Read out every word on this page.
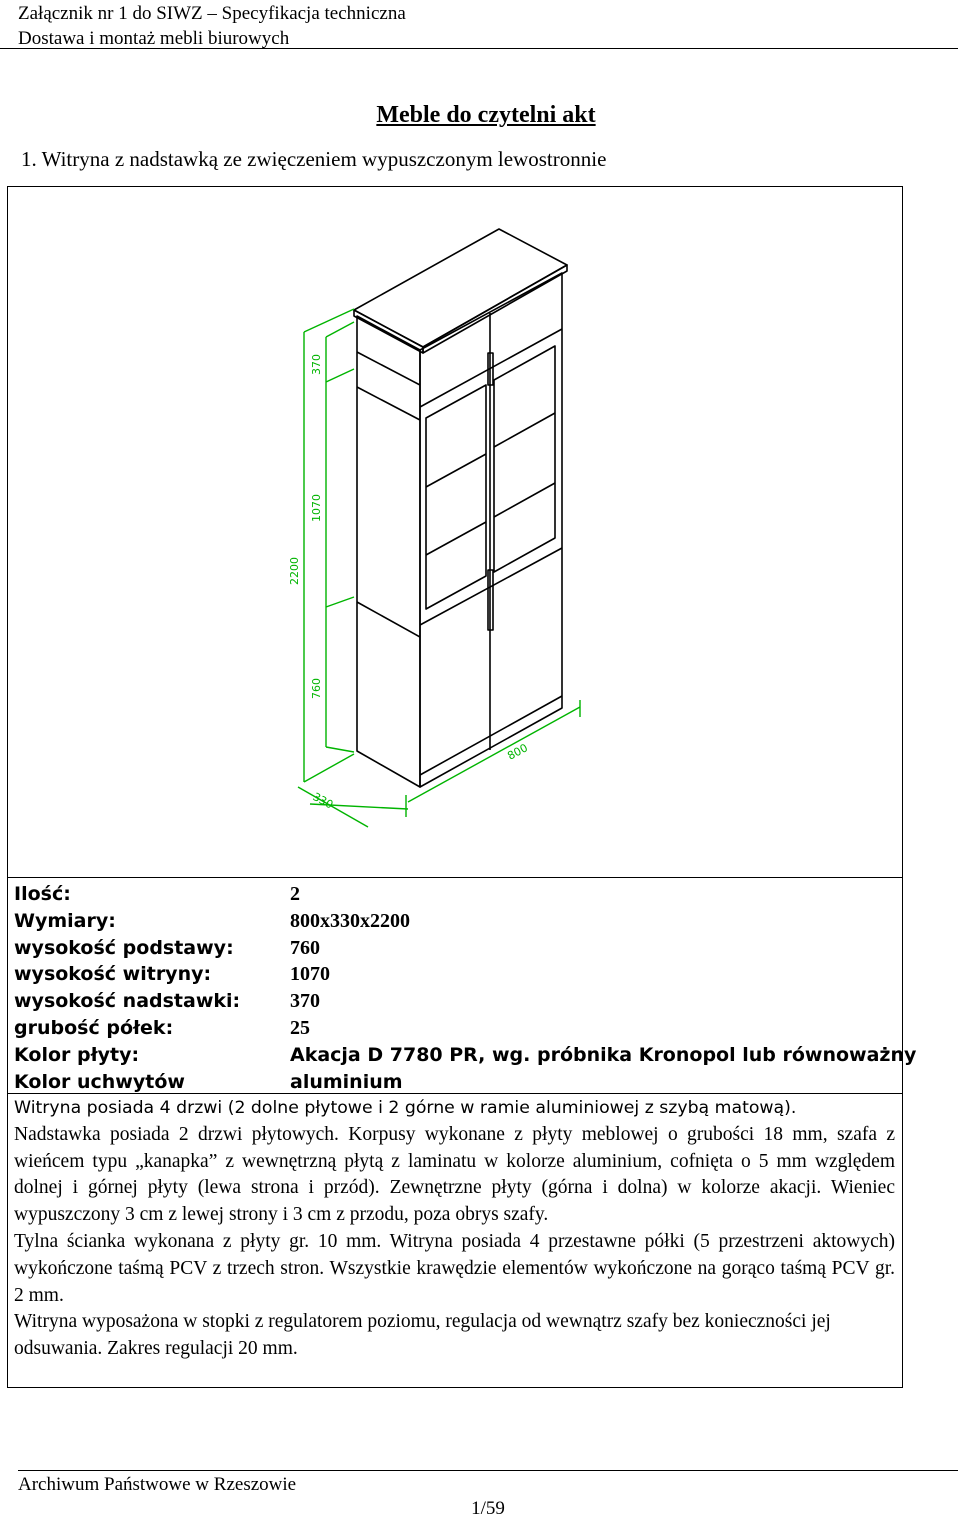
Załącznik nr 1 do SIWZ – Specyfikacja techniczna
Dostawa i montaż mebli biurowych
Meble do czytelni akt
1. Witryna z nadstawką ze zwięczeniem wypuszczonym lewostronnie
370
1070
2200
760
800
330
Ilość:	2
Wymiary:	800x330x2200
wysokość podstawy:	760
wysokość witryny:	1070
wysokość nadstawki: 370
grubość półek:	25
Kolor płyty:	Akacja D 7780 PR, wg. próbnika Kronopol lub równoważny
Kolor uchwytów	aluminium

Witryna posiada 4 drzwi (2 dolne płytowe i 2 górne w ramie aluminiowej z szybą matową).

Nadstawka posiada 2 drzwi płytowych. Korpusy wykonane z płyty meblowej o grubości 18 mm, szafa z wieńcem typu „kanapka” z wewnętrzną płytą z laminatu w kolorze aluminium, cofnięta o 5 mm względem dolnej i górnej płyty (lewa strona i przód). Zewnętrzne płyty (górna i dolna) w kolorze akacji. Wieniec wypuszczony 3 cm z lewej strony i 3 cm z przodu, poza obrys szafy.

Tylna ścianka wykonana z płyty gr. 10 mm. Witryna posiada 4 przestawne półki (5 przestrzeni aktowych) wykończone taśmą PCV z trzech stron. Wszystkie krawędzie elementów wykończone na gorąco taśmą PCV gr. 2 mm.

Witryna wyposażona w stopki z regulatorem poziomu, regulacja od wewnątrz szafy bez konieczności jej odsuwania. Zakres regulacji 20 mm.

Archiwum Państwowe w Rzeszowie
1/59
